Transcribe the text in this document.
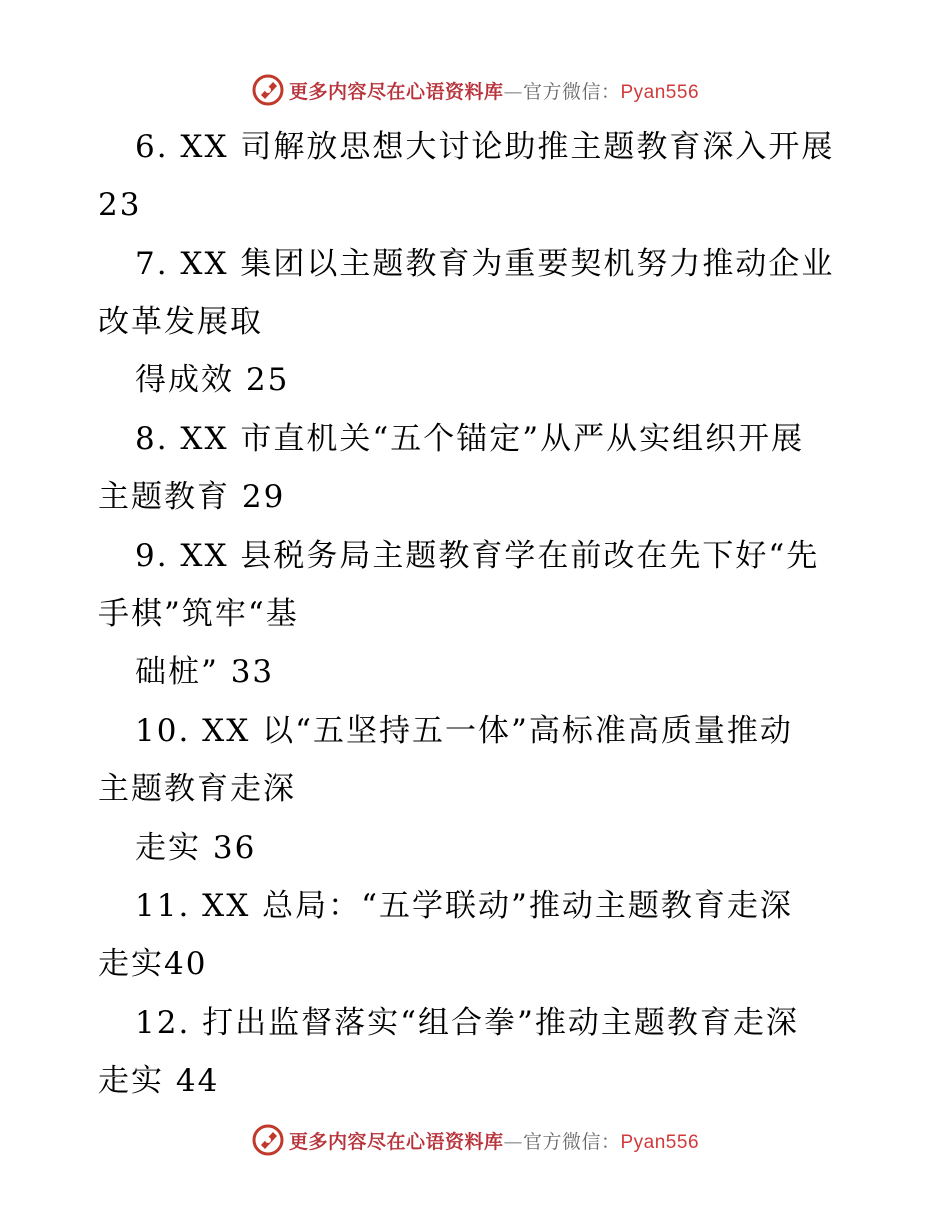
更多内容尽在心语资料库—官方微信：Pyan556
6. XX 司解放思想大讨论助推主题教育深入开展
23
7. XX 集团以主题教育为重要契机努力推动企业
改革发展取
得成效 25
8. XX 市直机关“五个锚定”从严从实组织开展
主题教育 29
9. XX 县税务局主题教育学在前改在先下好“先
手棋”筑牢“基
础桩” 33
10. XX 以“五坚持五一体”高标准高质量推动
主题教育走深
走实 36
11. XX 总局：“五学联动”推动主题教育走深
走实40
12. 打出监督落实“组合拳”推动主题教育走深
走实 44
更多内容尽在心语资料库—官方微信：Pyan556
